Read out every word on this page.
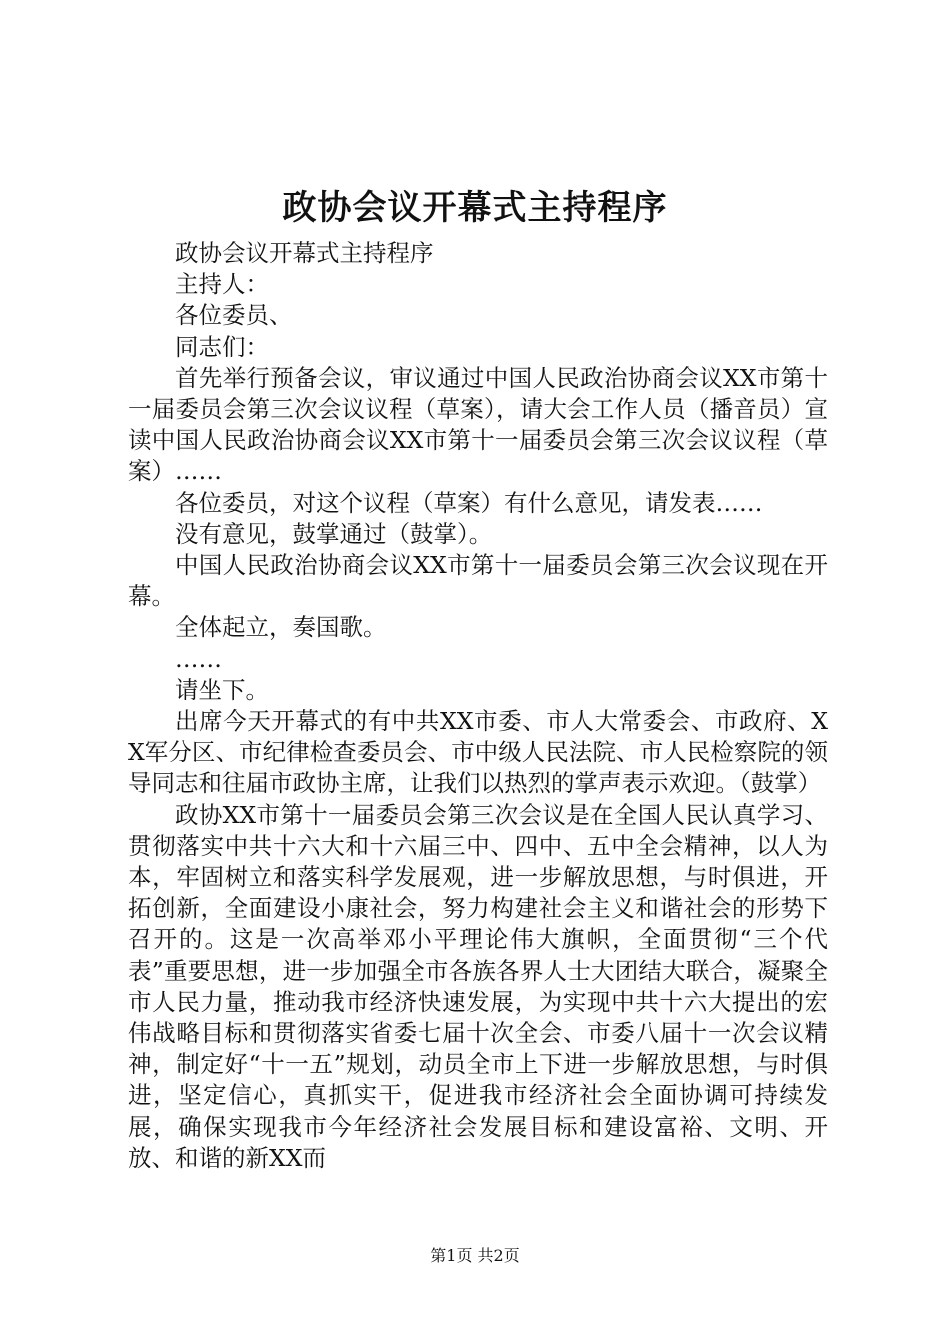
政协会议开幕式主持程序

政协会议开幕式主持程序

主持人：

各位委员、

同志们：

首先举行预备会议，审议通过中国人民政治协商会议XX市第十一届委员会第三次会议议程（草案），请大会工作人员（播音员）宣读中国人民政治协商会议XX市第十一届委员会第三次会议议程（草案）……

各位委员，对这个议程（草案）有什么意见，请发表……

没有意见，鼓掌通过（鼓掌）。

中国人民政治协商会议XX市第十一届委员会第三次会议现在开幕。

全体起立，奏国歌。

……

请坐下。

出席今天开幕式的有中共XX市委、市人大常委会、市政府、XX军分区、市纪律检查委员会、市中级人民法院、市人民检察院的领导同志和往届市政协主席，让我们以热烈的掌声表示欢迎。（鼓掌）

政协XX市第十一届委员会第三次会议是在全国人民认真学习、贯彻落实中共十六大和十六届三中、四中、五中全会精神，以人为本，牢固树立和落实科学发展观，进一步解放思想，与时俱进，开拓创新，全面建设小康社会，努力构建社会主义和谐社会的形势下召开的。这是一次高举邓小平理论伟大旗帜，全面贯彻“三个代表”重要思想，进一步加强全市各族各界人士大团结大联合，凝聚全市人民力量，推动我市经济快速发展，为实现中共十六大提出的宏伟战略目标和贯彻落实省委七届十次全会、市委八届十一次会议精神，制定好“十一五”规划，动员全市上下进一步解放思想，与时俱进，坚定信心，真抓实干，促进我市经济社会全面协调可持续发展，确保实现我市今年经济社会发展目标和建设富裕、文明、开放、和谐的新XX而

第1页 共2页
